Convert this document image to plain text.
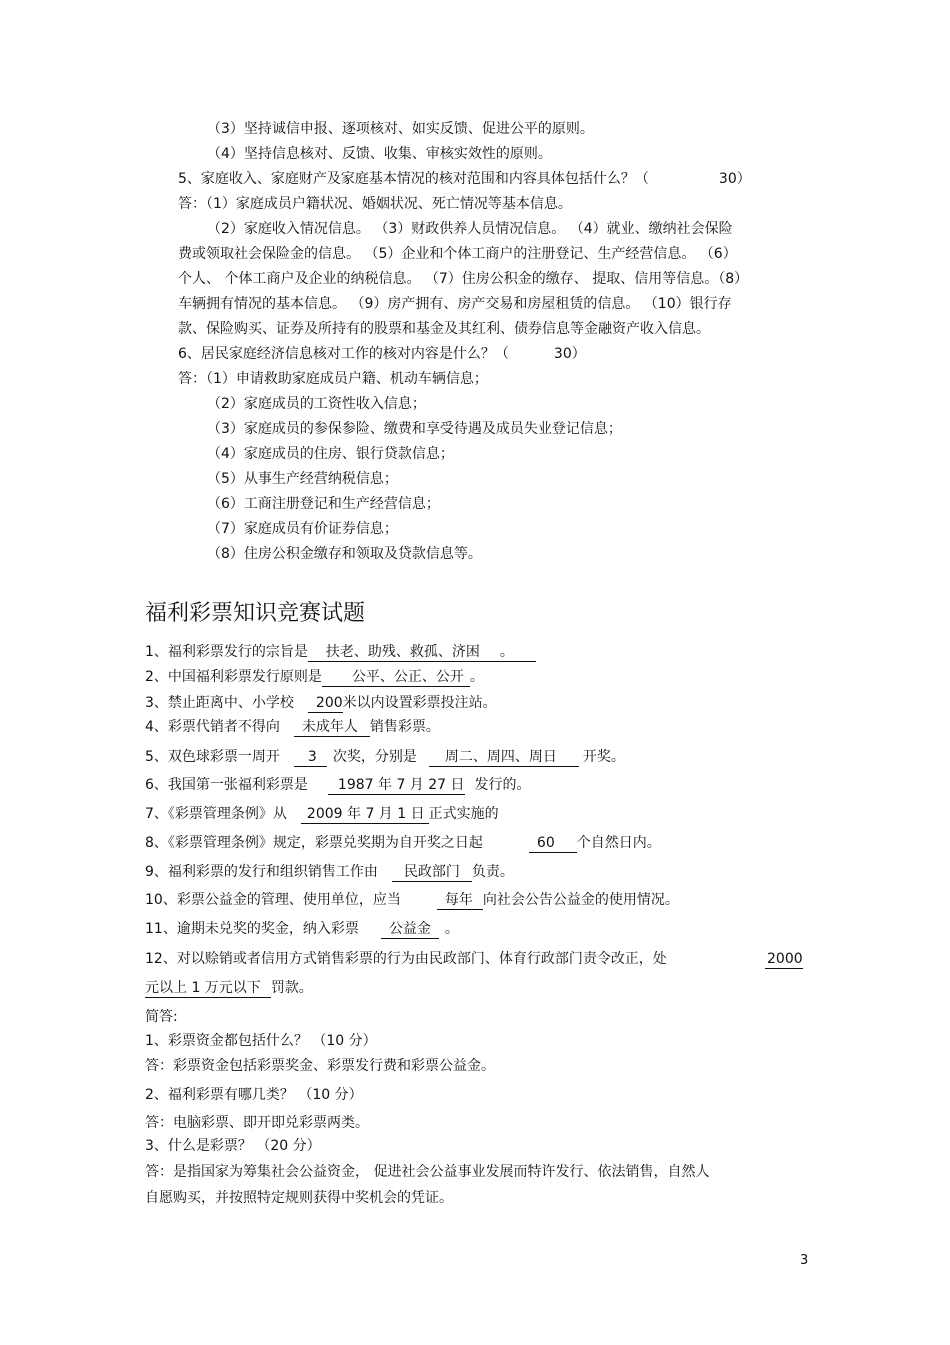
（3）坚持诚信申报、逐项核对、如实反馈、促进公平的原则。
（4）坚持信息核对、反馈、收集、审核实效性的原则。
5、家庭收入、家庭财产及家庭基本情况的核对范围和内容具体包括什么？（	30）
答：（1）家庭成员户籍状况、婚姻状况、死亡情况等基本信息。
（2）家庭收入情况信息。 （3）财政供养人员情况信息。 （4）就业、缴纳社会保险
费或领取社会保险金的信息。 （5）企业和个体工商户的注册登记、生产经营信息。 （6）
个人、 个体工商户及企业的纳税信息。 （7）住房公积金的缴存、 提取、信用等信息。（8）
车辆拥有情况的基本信息。 （9）房产拥有、房产交易和房屋租赁的信息。 （10）银行存
款、保险购买、证券及所持有的股票和基金及其红利、债券信息等金融资产收入信息。
6、居民家庭经济信息核对工作的核对内容是什么？（	30）
答：（1）申请救助家庭成员户籍、机动车辆信息；
（2）家庭成员的工资性收入信息；
（3）家庭成员的参保参险、缴费和享受待遇及成员失业登记信息；
（4）家庭成员的住房、银行贷款信息；
（5）从事生产经营纳税信息；
（6）工商注册登记和生产经营信息；
（7）家庭成员有价证券信息；
（8）住房公积金缴存和领取及贷款信息等。
福利彩票知识竞赛试题
1、福利彩票发行的宗旨是 扶老、助残、救孤、济困 。
2、中国福利彩票发行原则是 公平、公正、公开 。
3、禁止距离中、小学校 200米以内设置彩票投注站。
4、彩票代销者不得向 未成年人 销售彩票。
5、双色球彩票一周开 3 次奖，分别是 周二、周四、周日 开奖。
6、我国第一张福利彩票是 1987 年 7 月 27 日 发行的。
7、《彩票管理条例》从 2009 年 7 月 1 日 正式实施的
8、《彩票管理条例》规定，彩票兑奖期为自开奖之日起	60 个自然日内。
9、福利彩票的发行和组织销售工作由 民政部门 负责。
10、彩票公益金的管理、使用单位，应当	每年 向社会公告公益金的使用情况。
11、逾期未兑奖的奖金，纳入彩票 公益金 。
12、对以赊销或者信用方式销售彩票的行为由民政部门、体育行政部门责令改正，处	2000
元以上 1 万元以下 罚款。
简答:
1、彩票资金都包括什么？ （10 分）
答：彩票资金包括彩票奖金、彩票发行费和彩票公益金。
2、福利彩票有哪几类？ （10 分）
答：电脑彩票、即开即兑彩票两类。
3、什么是彩票？ （20 分）
答：是指国家为筹集社会公益资金， 促进社会公益事业发展而特许发行、依法销售，自然人
自愿购买，并按照特定规则获得中奖机会的凭证。
3
